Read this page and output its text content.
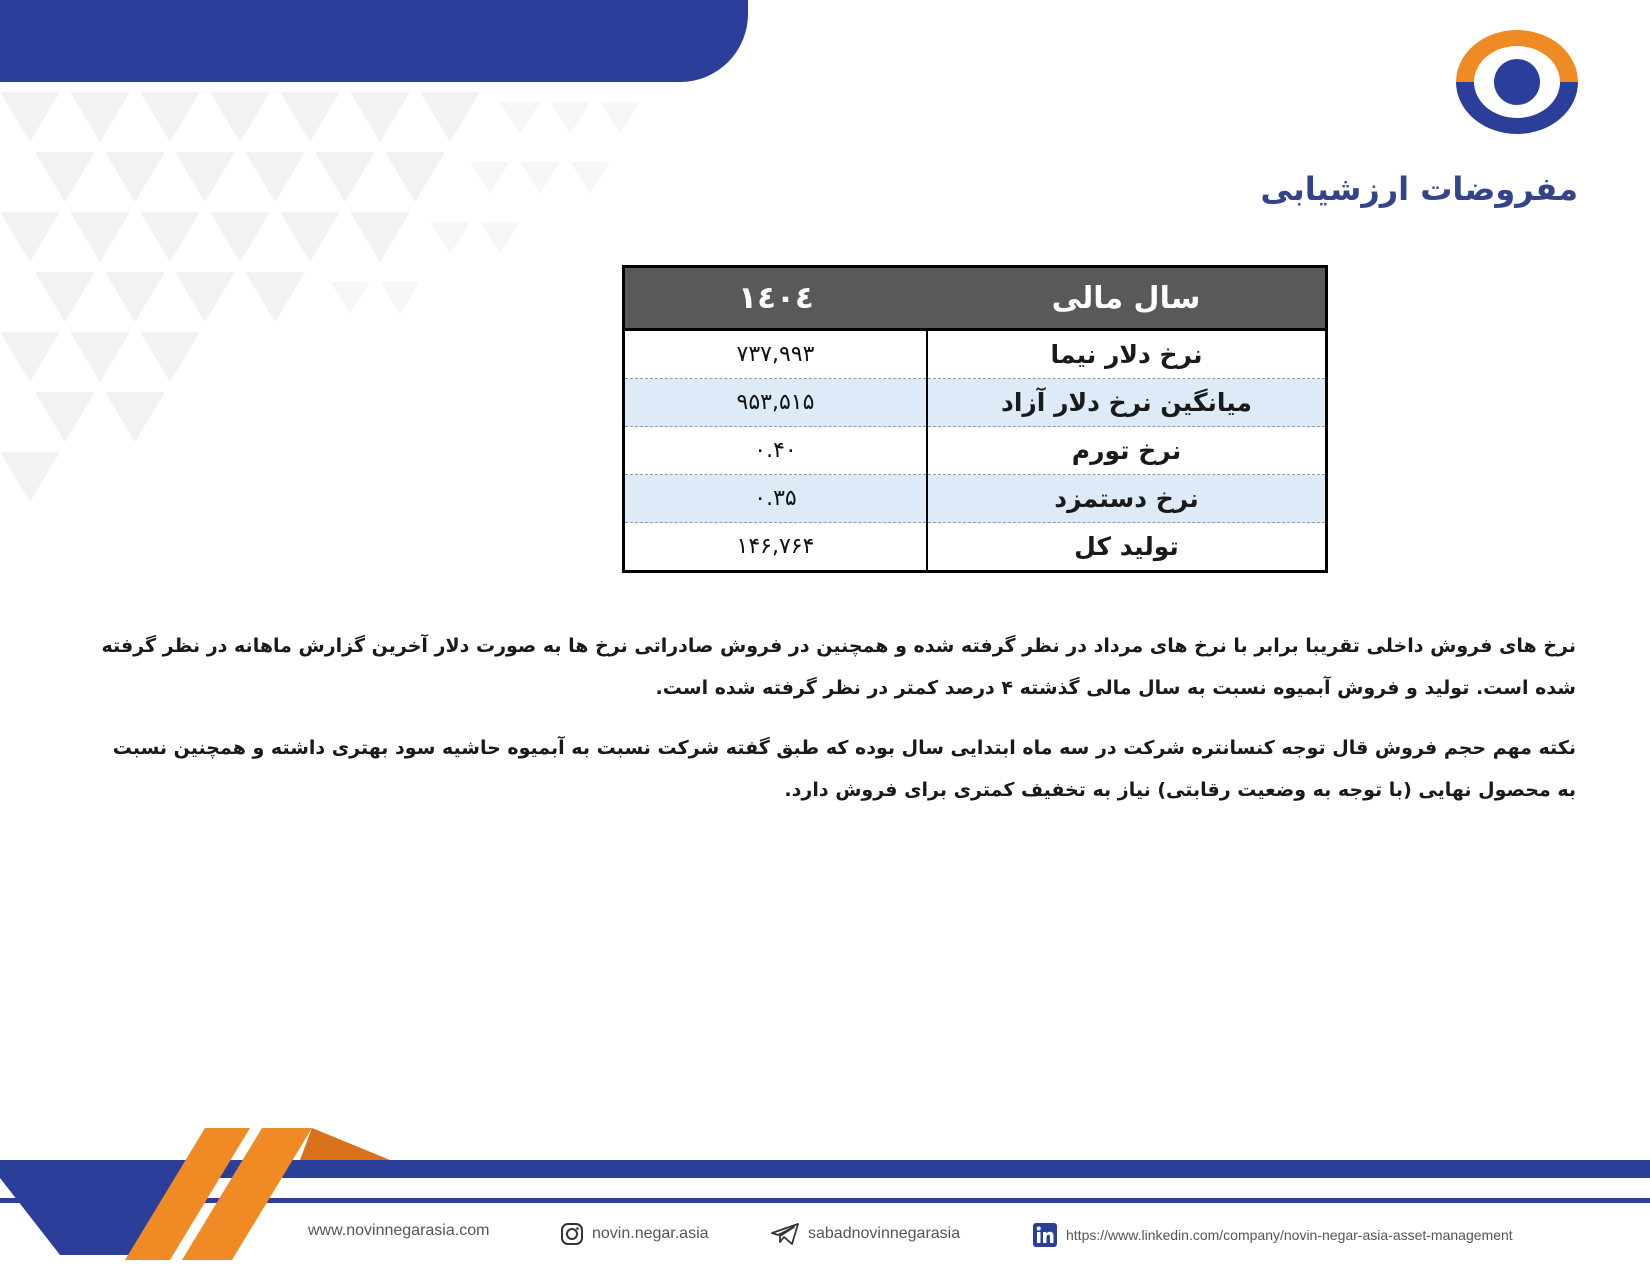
مفروضات ارزشیابی
سال مالی	۱٤۰٤
نرخ دلار نیما	۷۳۷,۹۹۳
میانگین نرخ دلار آزاد	۹۵۳,۵۱۵
نرخ تورم	۰.۴۰
نرخ دستمزد	۰.۳۵
تولید کل	۱۴۶,۷۶۴

نرخ های فروش داخلی تقریبا برابر با نرخ های مرداد در نظر گرفته شده و همچنین در فروش صادراتی نرخ ها به صورت دلار آخرین گزارش ماهانه در نظر گرفته شده است. تولید و فروش آبمیوه نسبت به سال مالی گذشته ۴ درصد کمتر در نظر گرفته شده است.

نکته مهم حجم فروش قال توجه کنسانتره شرکت در سه ماه ابتدایی سال بوده که طبق گفته شرکت نسبت به آبمیوه حاشیه سود بهتری داشته و همچنین نسبت به محصول نهایی (با توجه به وضعیت رقابتی) نیاز به تخفیف کمتری برای فروش دارد.

www.novinnegarasia.com	novin.negar.asia	sabadnovinnegarasia	https://www.linkedin.com/company/novin-negar-asia-asset-management
